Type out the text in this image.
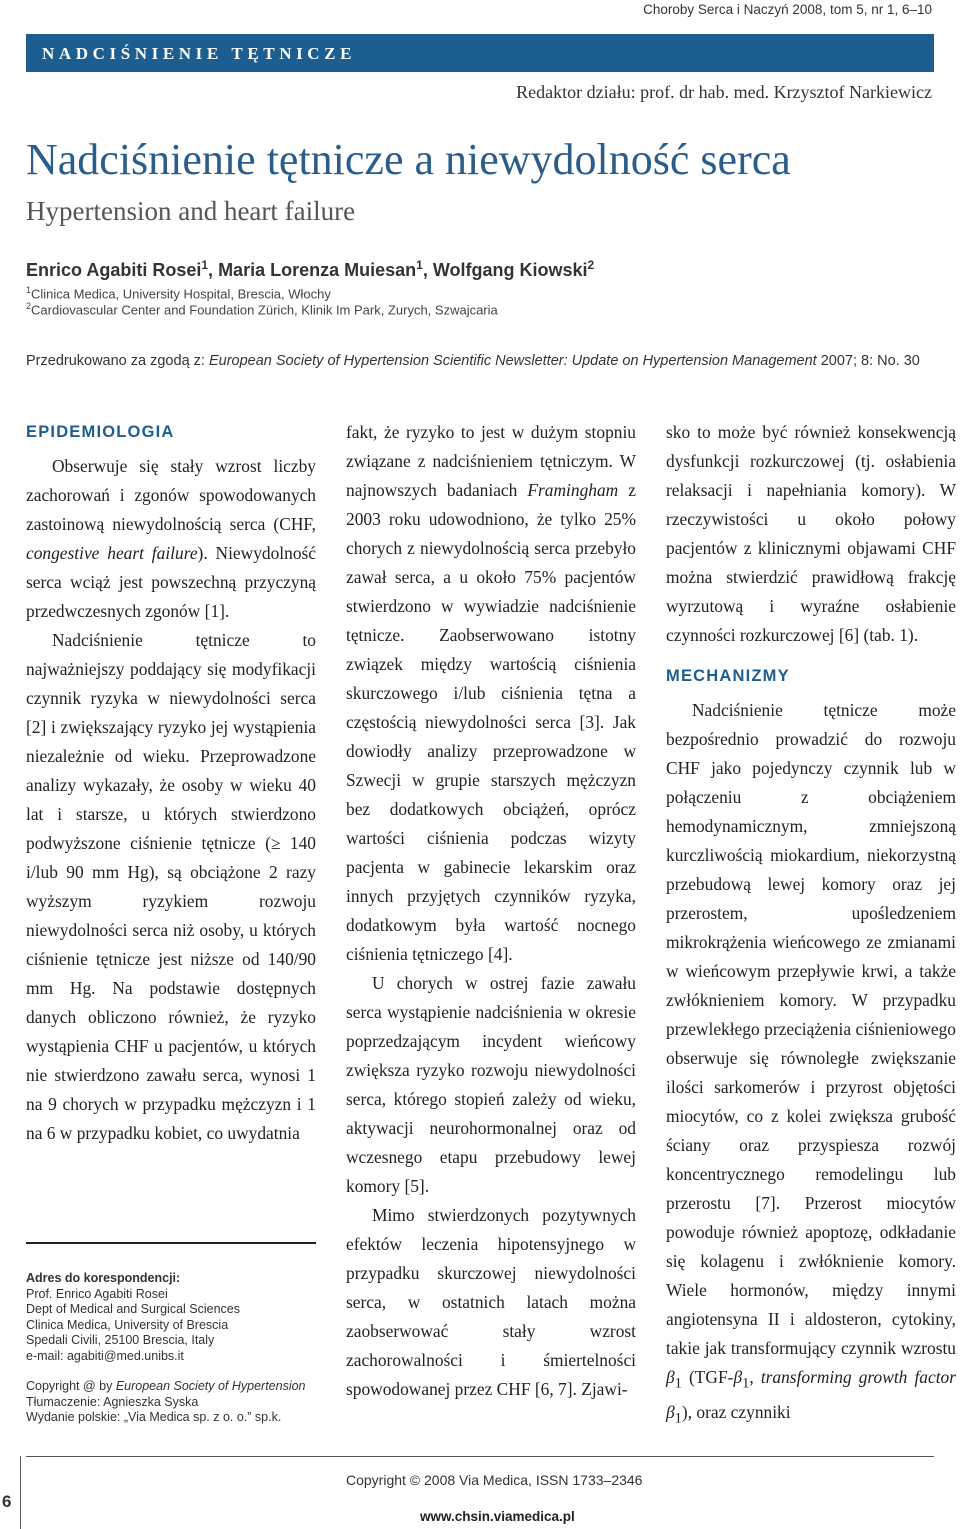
Choroby Serca i Naczyń 2008, tom 5, nr 1, 6–10
NADCIŚNIENIE TĘTNICZE
Redaktor działu: prof. dr hab. med. Krzysztof Narkiewicz
Nadciśnienie tętnicze a niewydolność serca
Hypertension and heart failure
Enrico Agabiti Rosei$^1$, Maria Lorenza Muiesan$^1$, Wolfgang Kiowski$^2$
$^1$Clinica Medica, University Hospital, Brescia, Włochy
$^2$Cardiovascular Center and Foundation Zürich, Klinik Im Park, Zurych, Szwajcaria
Przedrukowano za zgodą z: European Society of Hypertension Scientific Newsletter: Update on Hypertension Management 2007; 8: No. 30
EPIDEMIOLOGIA

Obserwuje się stały wzrost liczby zachorowań i zgonów spowodowanych zastoinową niewydolnością serca (CHF, congestive heart failure). Niewydolność serca wciąż jest powszechną przyczyną przedwczesnych zgonów [1].

Nadciśnienie tętnicze to najważniejszy poddający się modyfikacji czynnik ryzyka w niewydolności serca [2] i zwiększający ryzyko jej wystąpienia niezależnie od wieku. Przeprowadzone analizy wykazały, że osoby w wieku 40 lat i starsze, u których stwierdzono podwyższone ciśnienie tętnicze (≥ 140 i/lub 90 mm Hg), są obciążone 2 razy wyższym ryzykiem rozwoju niewydolności serca niż osoby, u których ciśnienie tętnicze jest niższe od 140/90 mm Hg. Na podstawie dostępnych danych obliczono również, że ryzyko wystąpienia CHF u pacjentów, u których nie stwierdzono zawału serca, wynosi 1 na 9 chorych w przypadku mężczyzn i 1 na 6 w przypadku kobiet, co uwydatnia

Adres do korespondencji:
Prof. Enrico Agabiti Rosei
Dept of Medical and Surgical Sciences
Clinica Medica, University of Brescia
Spedali Civili, 25100 Brescia, Italy
e-mail: agabiti@med.unibs.it
Copyright @ by European Society of Hypertension
Tłumaczenie: Agnieszka Syska
Wydanie polskie: „Via Medica sp. z o. o.” sp.k.

fakt, że ryzyko to jest w dużym stopniu związane z nadciśnieniem tętniczym. W najnowszych badaniach Framingham z 2003 roku udowodniono, że tylko 25% chorych z niewydolnością serca przebyło zawał serca, a u około 75% pacjentów stwierdzono w wywiadzie nadciśnienie tętnicze. Zaobserwowano istotny związek między wartością ciśnienia skurczowego i/lub ciśnienia tętna a częstością niewydolności serca [3]. Jak dowiodły analizy przeprowadzone w Szwecji w grupie starszych mężczyzn bez dodatkowych obciążeń, oprócz wartości ciśnienia podczas wizyty pacjenta w gabinecie lekarskim oraz innych przyjętych czynników ryzyka, dodatkowym była wartość nocnego ciśnienia tętniczego [4].

U chorych w ostrej fazie zawału serca wystąpienie nadciśnienia w okresie poprzedzającym incydent wieńcowy zwiększa ryzyko rozwoju niewydolności serca, którego stopień zależy od wieku, aktywacji neurohormonalnej oraz od wczesnego etapu przebudowy lewej komory [5].

Mimo stwierdzonych pozytywnych efektów leczenia hipotensyjnego w przypadku skurczowej niewydolności serca, w ostatnich latach można zaobserwować stały wzrost zachorowalności i śmiertelności spowodowanej przez CHF [6, 7]. Zjawi-

sko to może być również konsekwencją dysfunkcji rozkurczowej (tj. osłabienia relaksacji i napełniania komory). W rzeczywistości u około połowy pacjentów z klinicznymi objawami CHF można stwierdzić prawidłową frakcję wyrzutową i wyraźne osłabienie czynności rozkurczowej [6] (tab. 1).

MECHANIZMY

Nadciśnienie tętnicze może bezpośrednio prowadzić do rozwoju CHF jako pojedynczy czynnik lub w połączeniu z obciążeniem hemodynamicznym, zmniejszoną kurczliwością miokardium, niekorzystną przebudową lewej komory oraz jej przerostem, upośledzeniem mikrokrążenia wieńcowego ze zmianami w wieńcowym przepływie krwi, a także zwłóknieniem komory. W przypadku przewlekłego przeciążenia ciśnieniowego obserwuje się równoległe zwiększanie ilości sarkomerów i przyrost objętości miocytów, co z kolei zwiększa grubość ściany oraz przyspiesza rozwój koncentrycznego remodelingu lub przerostu [7]. Przerost miocytów powoduje również apoptozę, odkładanie się kolagenu i zwłóknienie komory. Wiele hormonów, między innymi angiotensyna II i aldosteron, cytokiny, takie jak transformujący czynnik wzrostu $\beta_1$ ($TGF-\beta_1$, transforming growth factor $\beta_1$), oraz czynniki

6
Copyright © 2008 Via Medica, ISSN 1733–2346
www.chsin.viamedica.pl
